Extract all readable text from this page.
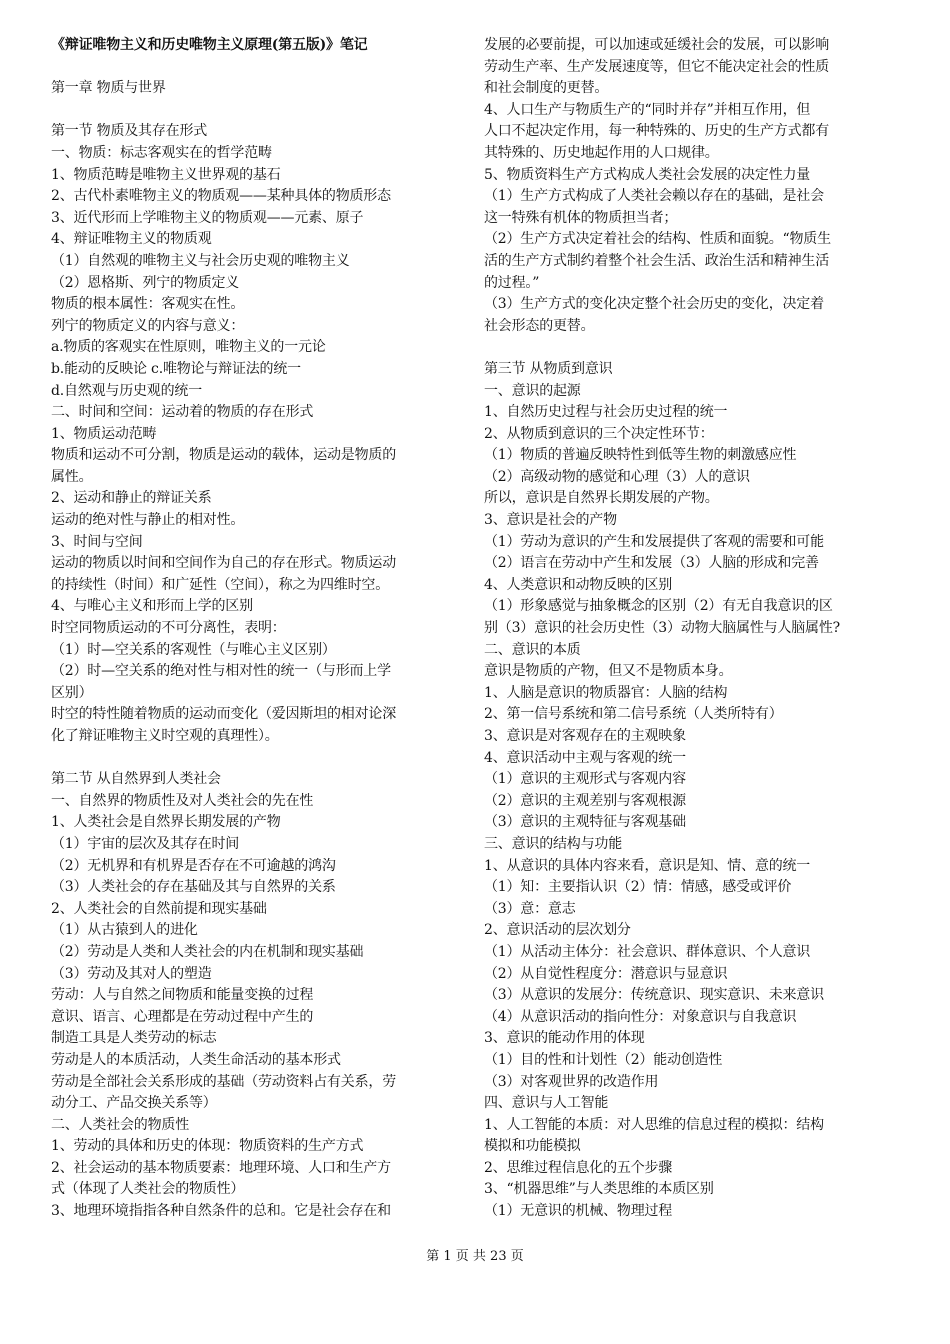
《辩证唯物主义和历史唯物主义原理(第五版)》笔记
第一章 物质与世界
第一节 物质及其存在形式
一、物质：标志客观实在的哲学范畴
1、物质范畴是唯物主义世界观的基石
2、古代朴素唯物主义的物质观——某种具体的物质形态
3、近代形而上学唯物主义的物质观——元素、原子
4、辩证唯物主义的物质观
（1）自然观的唯物主义与社会历史观的唯物主义
（2）恩格斯、列宁的物质定义
物质的根本属性：客观实在性。
列宁的物质定义的内容与意义：
a.物质的客观实在性原则，唯物主义的一元论
b.能动的反映论 c.唯物论与辩证法的统一
d.自然观与历史观的统一
二、时间和空间：运动着的物质的存在形式
1、物质运动范畴
物质和运动不可分割，物质是运动的载体，运动是物质的
属性。
2、运动和静止的辩证关系
运动的绝对性与静止的相对性。
3、时间与空间
运动的物质以时间和空间作为自己的存在形式。物质运动
的持续性（时间）和广延性（空间），称之为四维时空。
4、与唯心主义和形而上学的区别
时空同物质运动的不可分离性，表明：
（1）时—空关系的客观性（与唯心主义区别）
（2）时—空关系的绝对性与相对性的统一（与形而上学
区别）
时空的特性随着物质的运动而变化（爱因斯坦的相对论深
化了辩证唯物主义时空观的真理性）。
第二节 从自然界到人类社会
一、自然界的物质性及对人类社会的先在性
1、人类社会是自然界长期发展的产物
（1）宇宙的层次及其存在时间
（2）无机界和有机界是否存在不可逾越的鸿沟
（3）人类社会的存在基础及其与自然界的关系
2、人类社会的自然前提和现实基础
（1）从古猿到人的进化
（2）劳动是人类和人类社会的内在机制和现实基础
（3）劳动及其对人的塑造
劳动：人与自然之间物质和能量变换的过程
意识、语言、心理都是在劳动过程中产生的
制造工具是人类劳动的标志
劳动是人的本质活动，人类生命活动的基本形式
劳动是全部社会关系形成的基础（劳动资料占有关系，劳
动分工、产品交换关系等）
二、人类社会的物质性
1、劳动的具体和历史的体现：物质资料的生产方式
2、社会运动的基本物质要素：地理环境、人口和生产方
式（体现了人类社会的物质性）
3、地理环境指指各种自然条件的总和。它是社会存在和
发展的必要前提，可以加速或延缓社会的发展，可以影响
劳动生产率、生产发展速度等，但它不能决定社会的性质
和社会制度的更替。
4、人口生产与物质生产的“同时并存”并相互作用，但
人口不起决定作用，每一种特殊的、历史的生产方式都有
其特殊的、历史地起作用的人口规律。
5、物质资料生产方式构成人类社会发展的决定性力量
（1）生产方式构成了人类社会赖以存在的基础，是社会
这一特殊有机体的物质担当者；
（2）生产方式决定着社会的结构、性质和面貌。“物质生
活的生产方式制约着整个社会生活、政治生活和精神生活
的过程。”
（3）生产方式的变化决定整个社会历史的变化，决定着
社会形态的更替。
第三节 从物质到意识
一、意识的起源
1、自然历史过程与社会历史过程的统一
2、从物质到意识的三个决定性环节：
（1）物质的普遍反映特性到低等生物的刺激感应性
（2）高级动物的感觉和心理（3）人的意识
所以，意识是自然界长期发展的产物。
3、意识是社会的产物
（1）劳动为意识的产生和发展提供了客观的需要和可能
（2）语言在劳动中产生和发展（3）人脑的形成和完善
4、人类意识和动物反映的区别
（1）形象感觉与抽象概念的区别（2）有无自我意识的区
别（3）意识的社会历史性（3）动物大脑属性与人脑属性?
二、意识的本质
意识是物质的产物，但又不是物质本身。
1、人脑是意识的物质器官：人脑的结构
2、第一信号系统和第二信号系统（人类所特有）
3、意识是对客观存在的主观映象
4、意识活动中主观与客观的统一
（1）意识的主观形式与客观内容
（2）意识的主观差别与客观根源
（3）意识的主观特征与客观基础
三、意识的结构与功能
1、从意识的具体内容来看，意识是知、情、意的统一
（1）知：主要指认识（2）情：情感，感受或评价
（3）意：意志
2、意识活动的层次划分
（1）从活动主体分：社会意识、群体意识、个人意识
（2）从自觉性程度分：潜意识与显意识
（3）从意识的发展分：传统意识、现实意识、未来意识
（4）从意识活动的指向性分：对象意识与自我意识
3、意识的能动作用的体现
（1）目的性和计划性（2）能动创造性
（3）对客观世界的改造作用
四、意识与人工智能
1、人工智能的本质：对人思维的信息过程的模拟：结构
模拟和功能模拟
2、思维过程信息化的五个步骤
3、“机器思维”与人类思维的本质区别
（1）无意识的机械、物理过程
第 1 页 共 23 页
